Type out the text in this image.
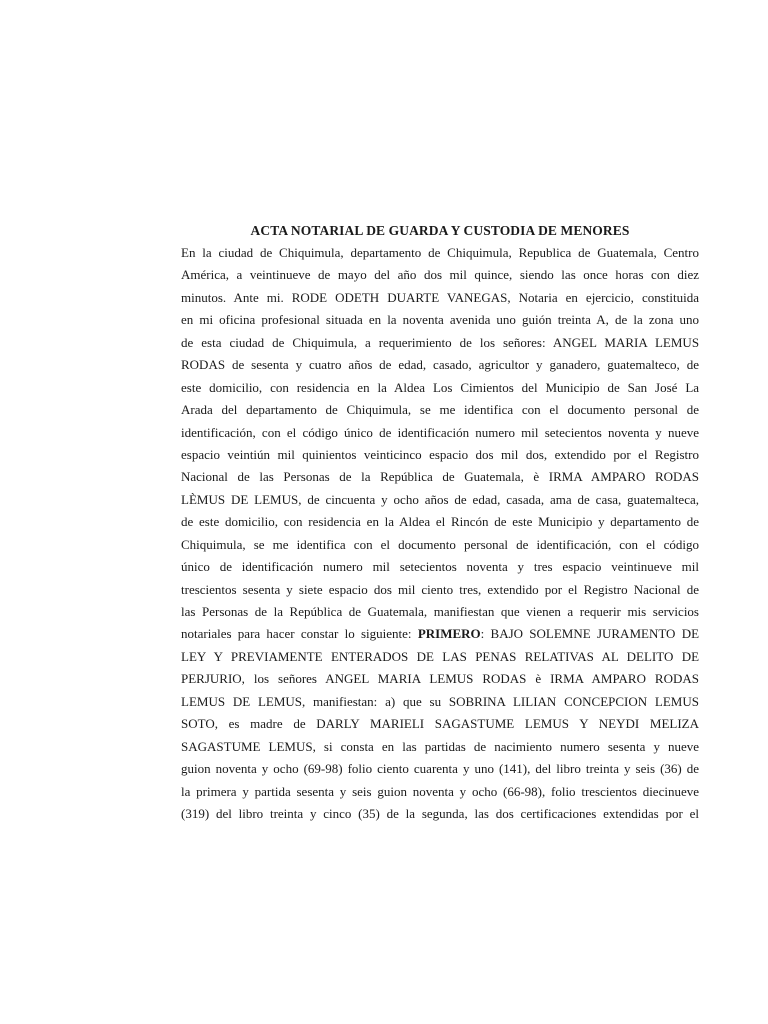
ACTA NOTARIAL DE GUARDA Y CUSTODIA DE MENORES
En la ciudad de Chiquimula, departamento de Chiquimula, Republica de Guatemala, Centro
América, a veintinueve de mayo del año dos mil quince, siendo las once horas con diez
minutos. Ante mi. RODE ODETH DUARTE VANEGAS, Notaria en ejercicio, constituida
en mi oficina profesional situada en la noventa avenida uno guión treinta A, de la zona uno
de esta ciudad de Chiquimula, a requerimiento de los señores: ANGEL MARIA LEMUS
RODAS de sesenta y cuatro años de edad, casado, agricultor y ganadero, guatemalteco, de
este domicilio, con residencia en la Aldea Los Cimientos del Municipio de San José La
Arada del departamento de Chiquimula, se me identifica con el documento personal de
identificación, con el código único de identificación numero mil setecientos noventa y nueve
espacio veintiún mil quinientos veinticinco espacio dos mil dos, extendido por el Registro
Nacional de las Personas de la República de Guatemala, è IRMA AMPARO RODAS
LÈMUS DE LEMUS, de cincuenta y ocho años de edad, casada, ama de casa, guatemalteca,
de este domicilio, con residencia en la Aldea el Rincón de este Municipio y departamento de
Chiquimula, se me identifica con el documento personal de identificación, con el código
único de identificación numero mil setecientos noventa y tres espacio veintinueve mil
trescientos sesenta y siete espacio dos mil ciento tres, extendido por el Registro Nacional de
las Personas de la República de Guatemala, manifiestan que vienen a requerir mis servicios
notariales para hacer constar lo siguiente: PRIMERO: BAJO SOLEMNE JURAMENTO DE
LEY Y PREVIAMENTE ENTERADOS DE LAS PENAS RELATIVAS AL DELITO DE
PERJURIO, los señores ANGEL MARIA LEMUS RODAS è IRMA AMPARO RODAS
LEMUS DE LEMUS, manifiestan: a) que su SOBRINA LILIAN CONCEPCION LEMUS
SOTO, es madre de DARLY MARIELI SAGASTUME LEMUS Y NEYDI MELIZA
SAGASTUME LEMUS, si consta en las partidas de nacimiento numero sesenta y nueve
guion noventa y ocho (69-98) folio ciento cuarenta y uno (141), del libro treinta y seis (36) de
la primera y partida sesenta y seis guion noventa y ocho (66-98), folio trescientos diecinueve
(319) del libro treinta y cinco (35) de la segunda, las dos certificaciones extendidas por el
